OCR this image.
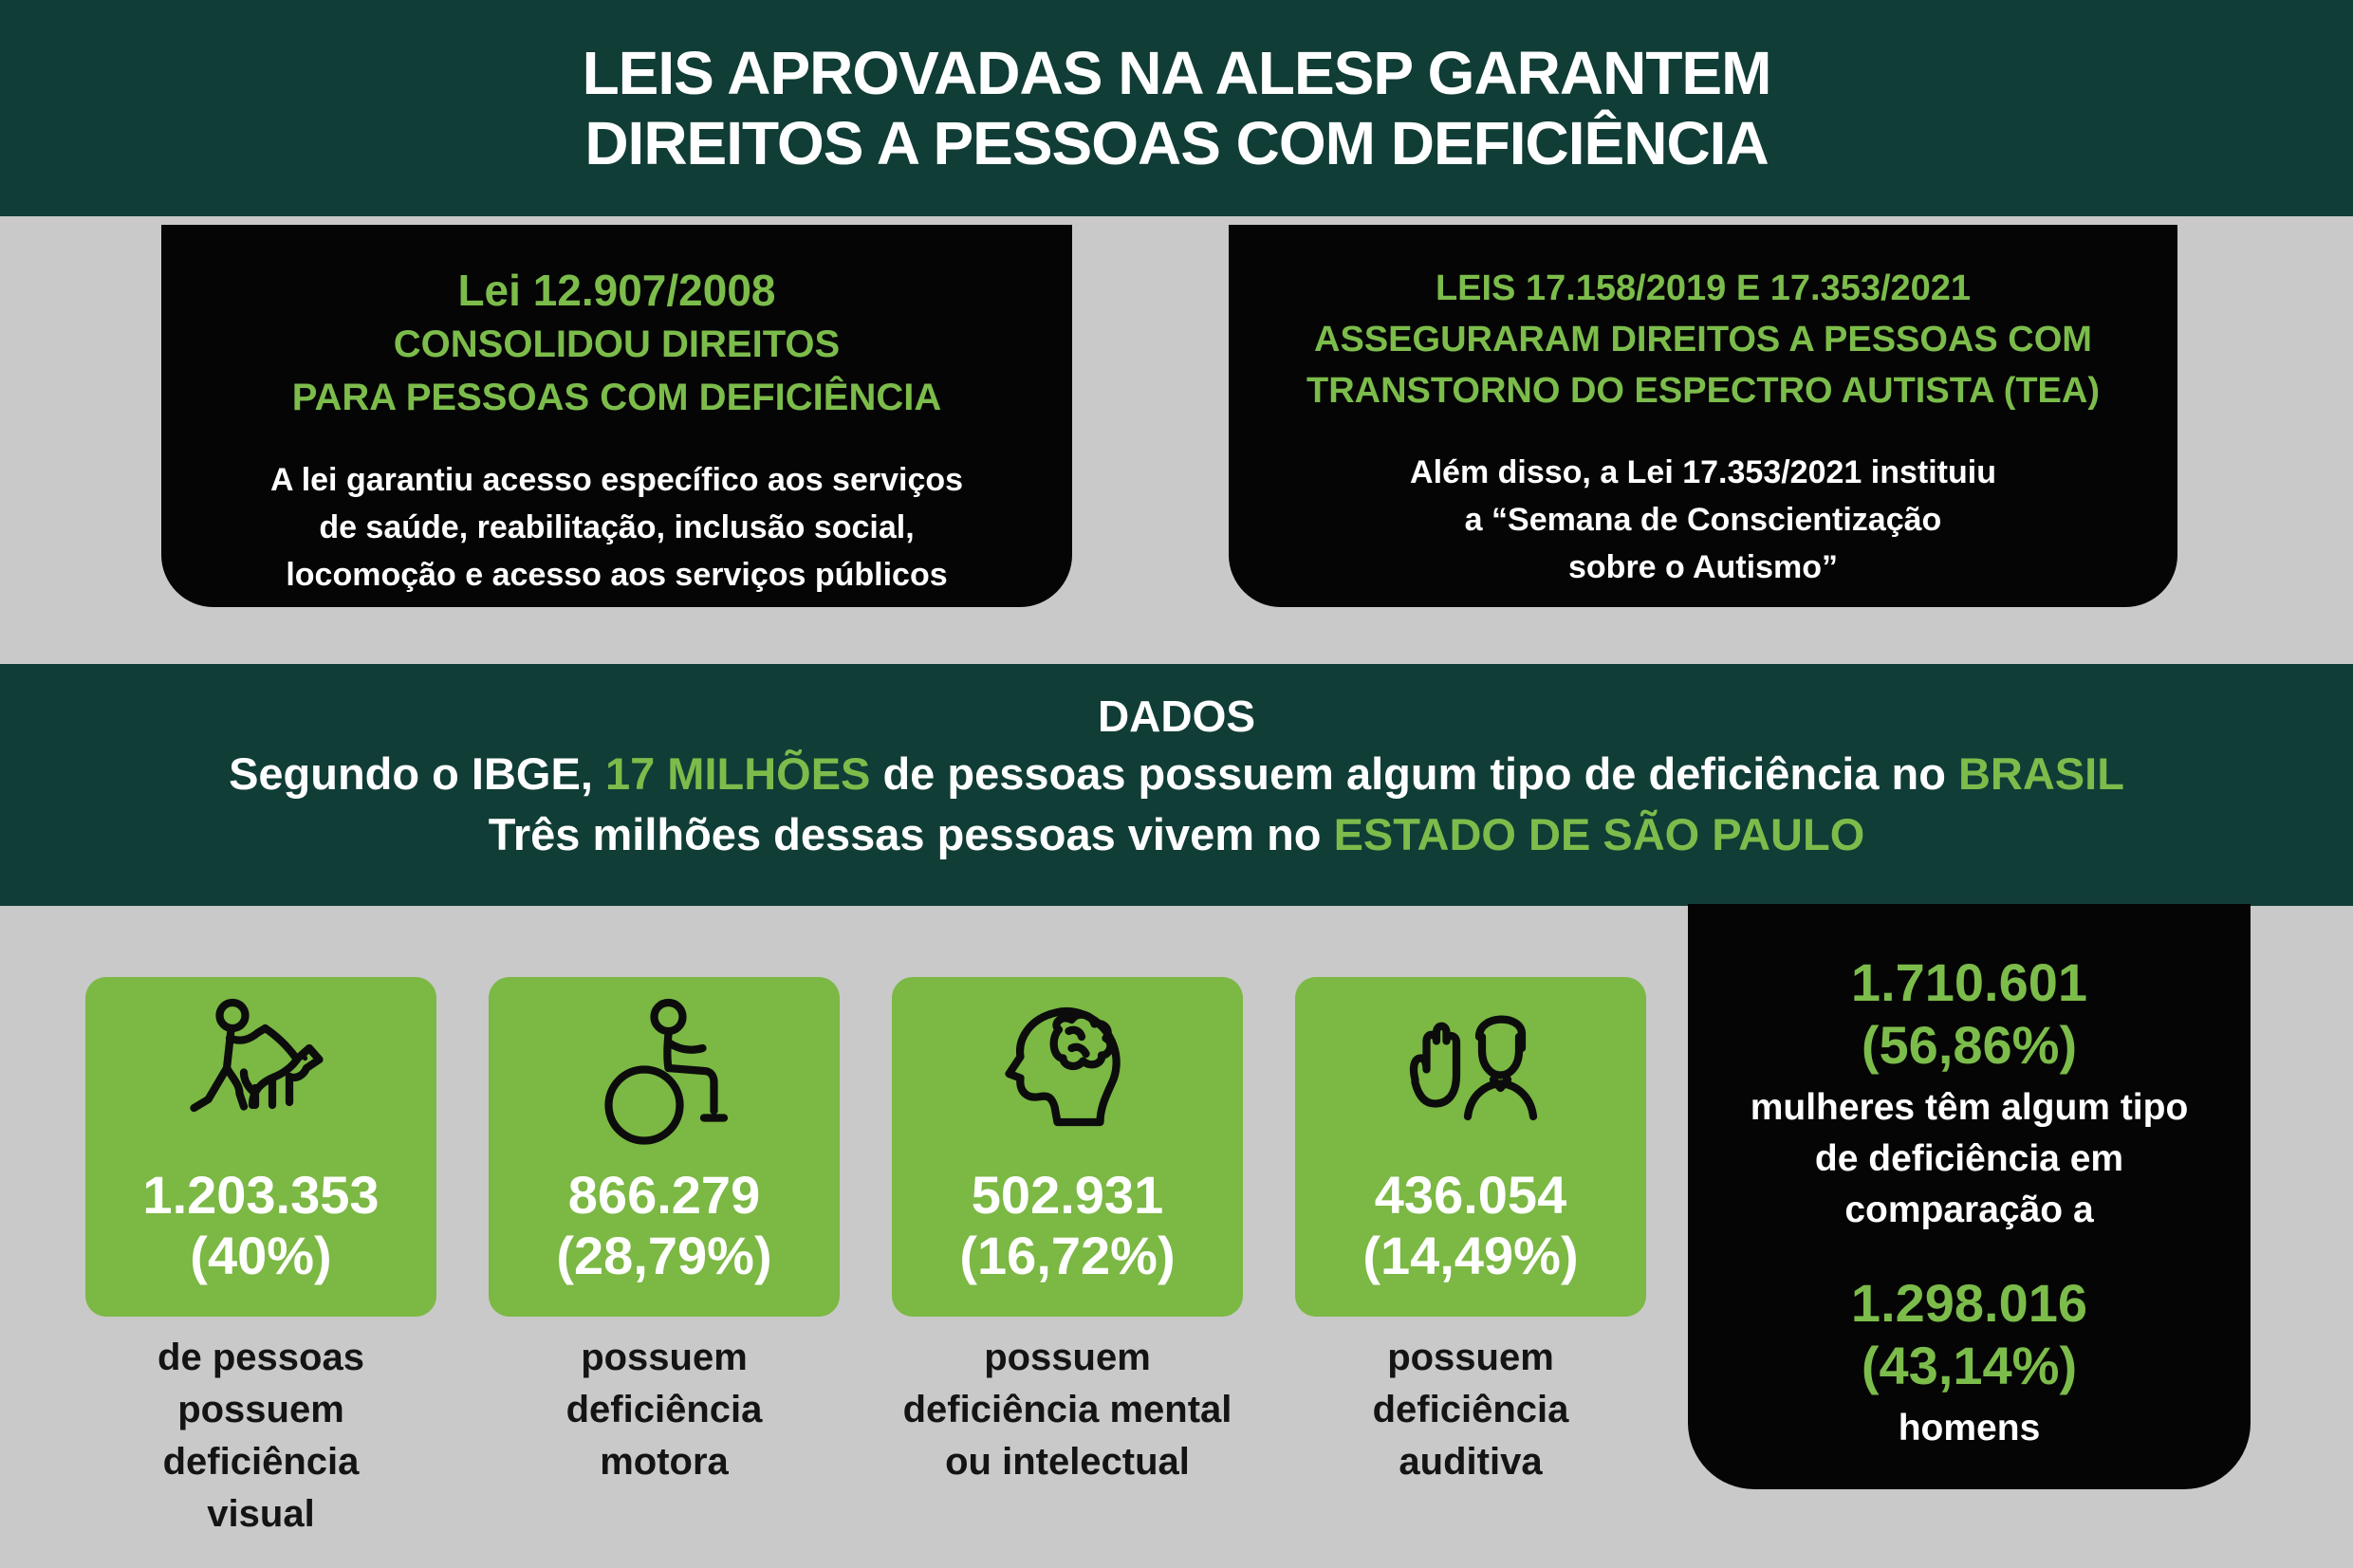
LEIS APROVADAS NA ALESP GARANTEM
DIREITOS A PESSOAS COM DEFICIÊNCIA
Lei 12.907/2008
CONSOLIDOU DIREITOS
PARA PESSOAS COM DEFICIÊNCIA
A lei garantiu acesso específico aos serviços
de saúde, reabilitação, inclusão social,
locomoção e acesso aos serviços públicos
LEIS 17.158/2019 E 17.353/2021
ASSEGURARAM DIREITOS A PESSOAS COM
TRANSTORNO DO ESPECTRO AUTISTA (TEA)
Além disso, a Lei 17.353/2021 instituiu
a “Semana de Conscientização
sobre o Autismo”
DADOS
Segundo o IBGE, 17 MILHÕES de pessoas possuem algum tipo de deficiência no BRASIL
Três milhões dessas pessoas vivem no ESTADO DE SÃO PAULO
1.203.353
(40%)
de pessoas
possuem
deficiência
visual
866.279
(28,79%)
possuem
deficiência
motora
502.931
(16,72%)
possuem
deficiência mental
ou intelectual
436.054
(14,49%)
possuem
deficiência
auditiva
1.710.601
(56,86%)
mulheres têm algum tipo
de deficiência em
comparação a
1.298.016
(43,14%)
homens
